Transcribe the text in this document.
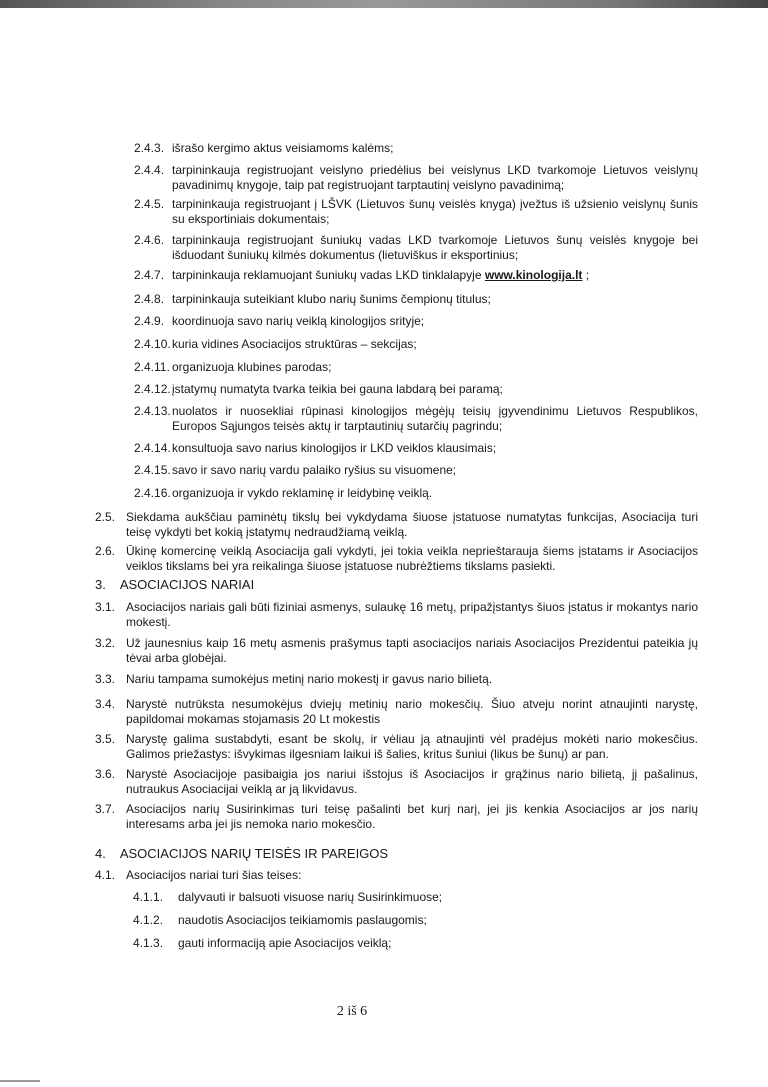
2.4.3. išrašo kergimo aktus veisiamoms kalėms;
2.4.4. tarpininkauja registruojant veislyno priedėlius bei veislynus LKD tvarkomoje Lietuvos veislynų pavadinimų knygoje, taip pat registruojant tarptautinį veislyno pavadinimą;
2.4.5. tarpininkauja registruojant į LŠVK (Lietuvos šunų veislės knyga) įvežtus iš užsienio veislynų šunis su eksportiniais dokumentais;
2.4.6. tarpininkauja registruojant šuniukų vadas LKD tvarkomoje Lietuvos šunų veislės knygoje bei išduodant šuniukų kilmės dokumentus (lietuviškus ir eksportinius;
2.4.7. tarpininkauja reklamuojant šuniukų vadas LKD tinklalapyje www.kinologija.lt ;
2.4.8. tarpininkauja suteikiant klubo narių šunims čempionų titulus;
2.4.9. koordinuoja savo narių veiklą kinologijos srityje;
2.4.10. kuria vidines Asociacijos struktūras – sekcijas;
2.4.11. organizuoja klubines parodas;
2.4.12. įstatymų numatyta tvarka teikia bei gauna labdarą bei paramą;
2.4.13. nuolatos ir nuosekliai rūpinasi kinologijos mėgėjų teisių įgyvendinimu Lietuvos Respublikos, Europos Sąjungos teisės aktų ir tarptautinių sutarčių pagrindu;
2.4.14. konsultuoja savo narius kinologijos ir LKD veiklos klausimais;
2.4.15. savo ir savo narių vardu palaiko ryšius su visuomene;
2.4.16. organizuoja ir vykdo reklaminę ir leidybinę veiklą.
2.5. Siekdama aukščiau paminėtų tikslų bei vykdydama šiuose įstatuose numatytas funkcijas, Asociacija turi teisę vykdyti bet kokią įstatymų nedraudžiamą veiklą.
2.6. Ūkinę komercinę veiklą Asociacija gali vykdyti, jei tokia veikla neprieštarauja šiems įstatams ir Asociacijos veiklos tikslams bei yra reikalinga šiuose įstatuose nubrėžtiems tikslams pasiekti.
3. ASOCIACIJOS NARIAI
3.1. Asociacijos nariais gali būti fiziniai asmenys, sulaukę 16 metų, pripažįstantys šiuos įstatus ir mokantys nario mokestį.
3.2. Už jaunesnius kaip 16 metų asmenis prašymus tapti asociacijos nariais Asociacijos Prezidentui pateikia jų tėvai arba globėjai.
3.3. Nariu tampama sumokėjus metinį nario mokestį ir gavus nario bilietą.
3.4. Narystė nutrūksta nesumokėjus dviejų metinių nario mokesčių. Šiuo atveju norint atnaujinti narystę, papildomai mokamas stojamasis 20 Lt mokestis
3.5. Narystę galima sustabdyti, esant be skolų, ir vėliau ją atnaujinti vėl pradėjus mokėti nario mokesčius. Galimos priežastys: išvykimas ilgesniam laikui iš šalies, kritus šuniui (likus be šunų) ar pan.
3.6. Narystė Asociacijoje pasibaigia jos nariui išstojus iš Asociacijos ir grąžinus nario bilietą, jį pašalinus, nutraukus Asociacijai veiklą ar ją likvidavus.
3.7. Asociacijos narių Susirinkimas turi teisę pašalinti bet kurį narį, jei jis kenkia Asociacijos ar jos narių interesams arba jei jis nemoka nario mokesčio.
4. ASOCIACIJOS NARIŲ TEISĖS IR PAREIGOS
4.1. Asociacijos nariai turi šias teises:
4.1.1. dalyvauti ir balsuoti visuose narių Susirinkimuose;
4.1.2. naudotis Asociacijos teikiamomis paslaugomis;
4.1.3. gauti informaciją apie Asociacijos veiklą;
2 iš 6
